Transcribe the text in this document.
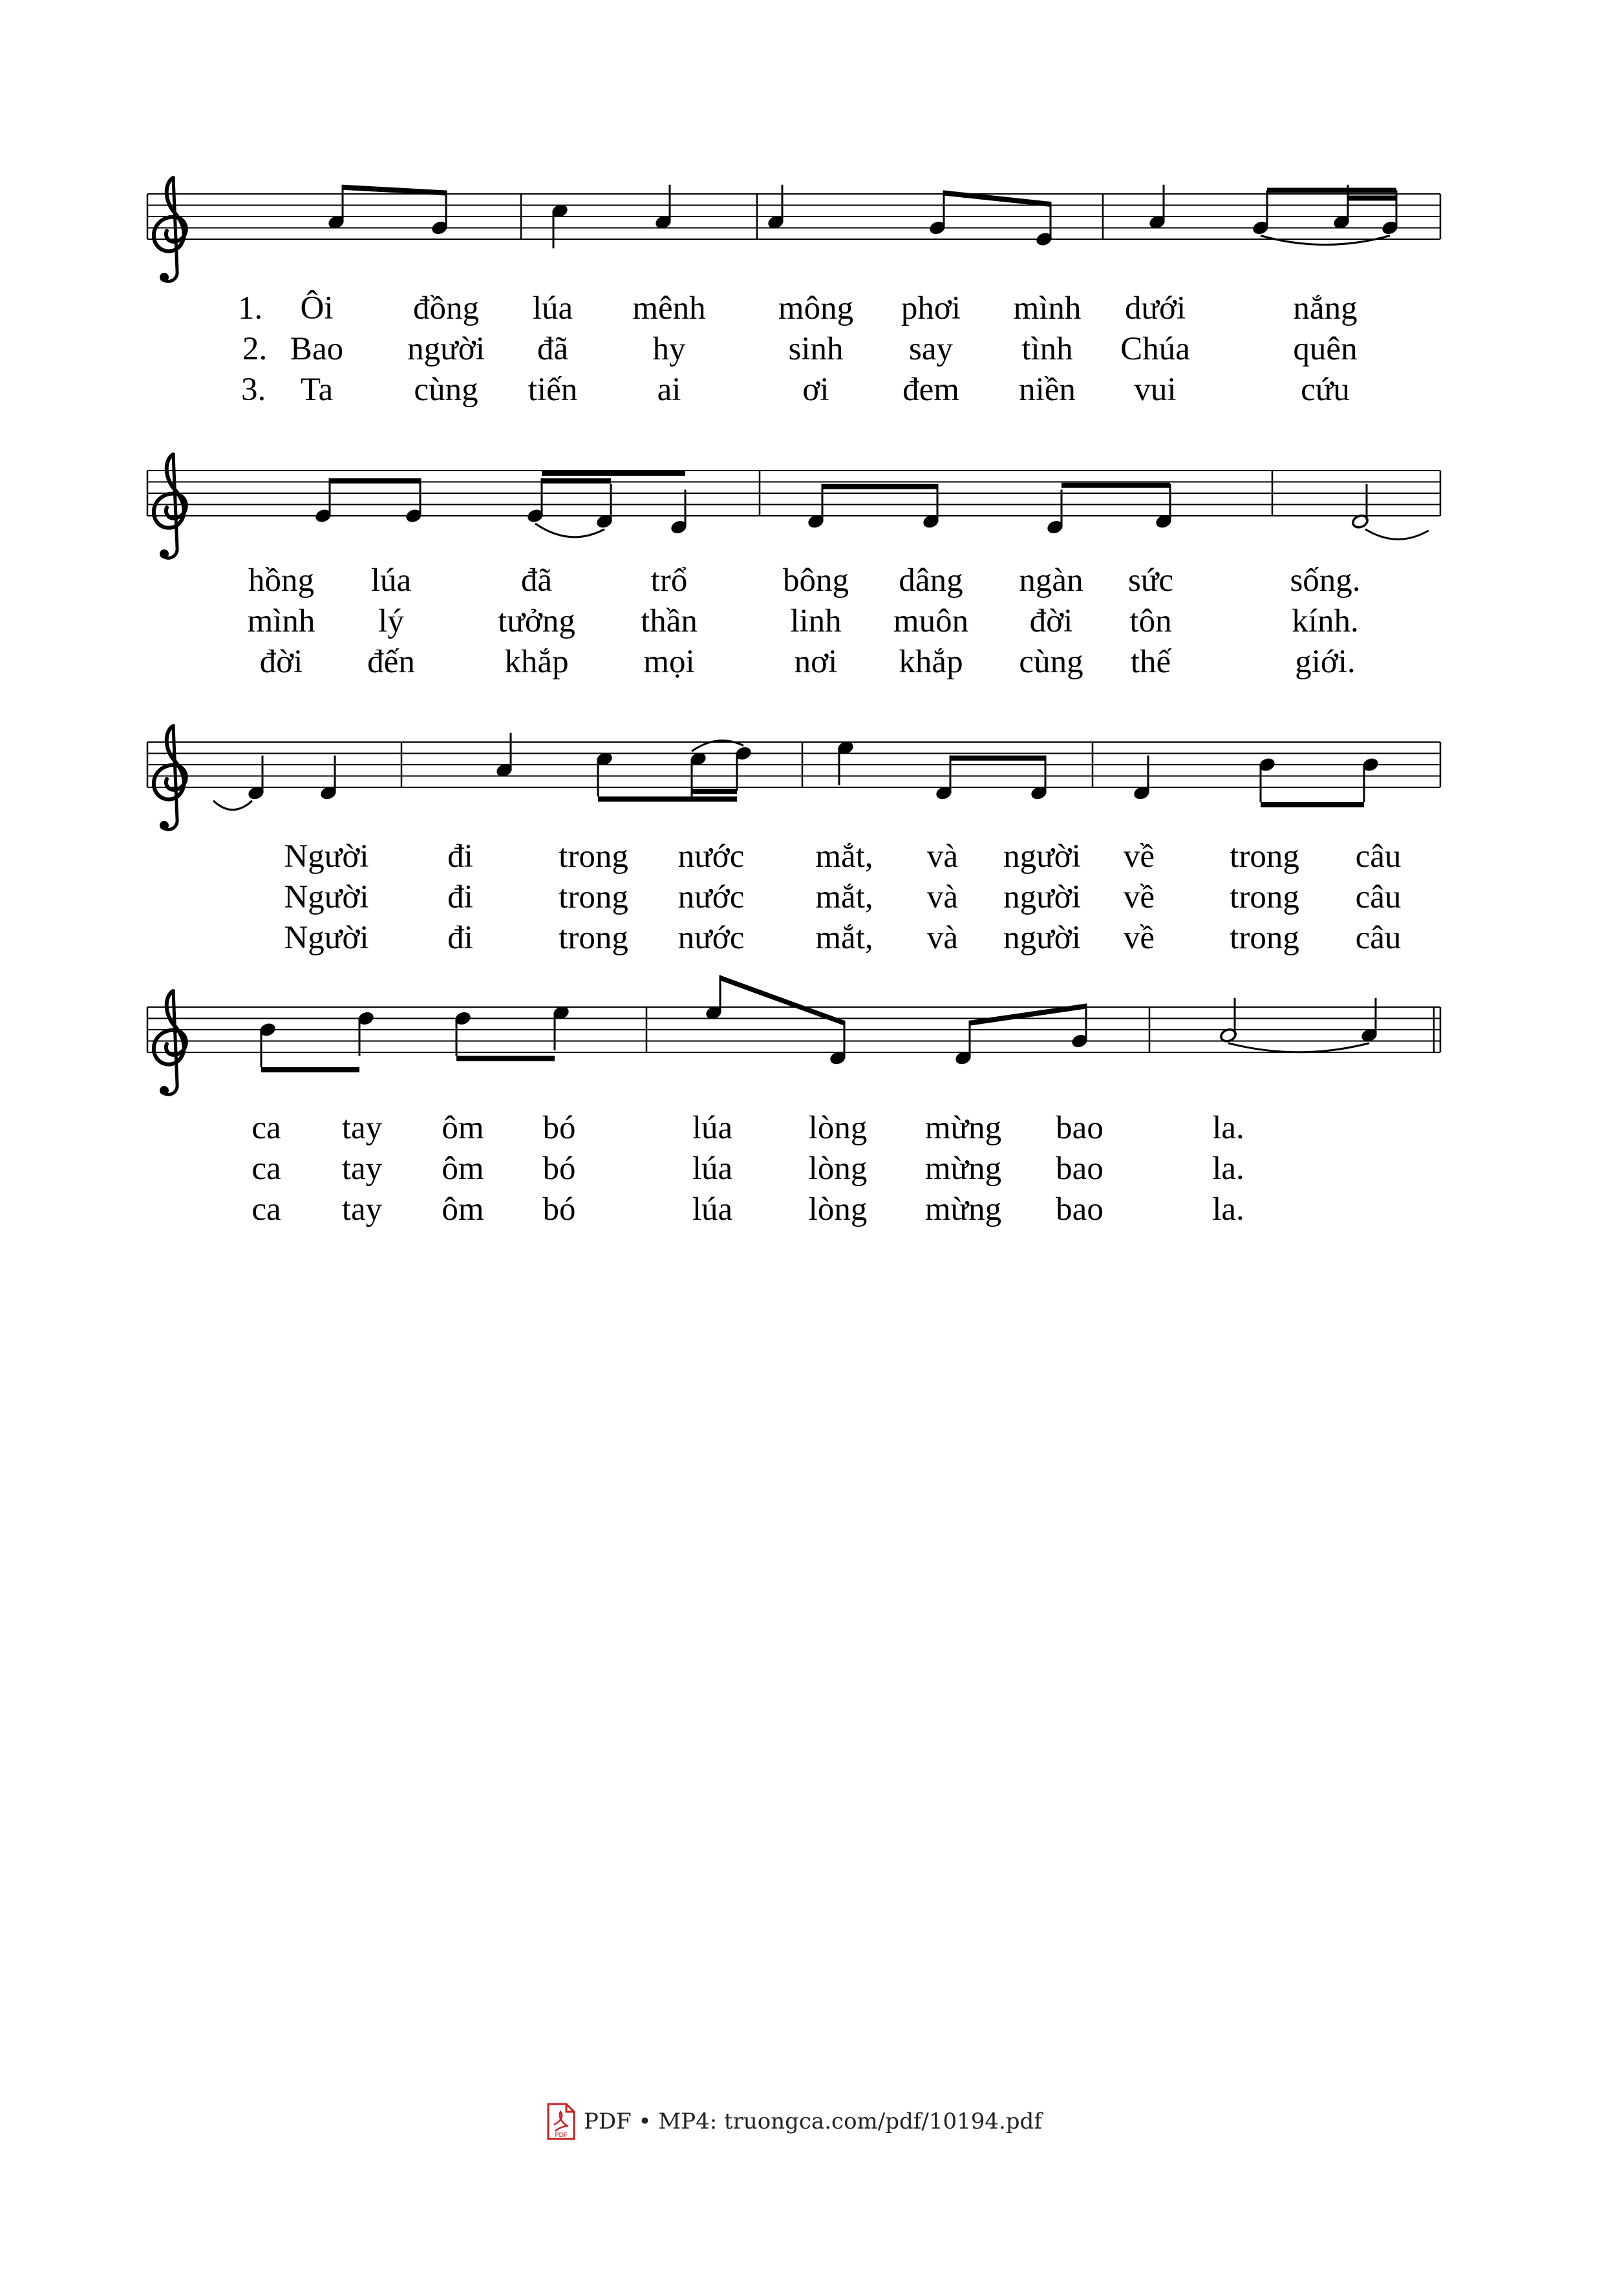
1. Ôi đồng lúa mênh mông phơi mình dưới	nắng
hồng lúa	đã	trổ	bông dâng ngàn sức	sống.
2. Bao người đã	hy	sinh say tình Chúa	quên
mình lý	tưởng thần	linh muôn đời tôn	kính.
3. Ta cùng tiến ai	ơi đem niền vui	cứu
đời đến	khắp mọi	nơi khắp cùng thế	giới.
Người đi	trong nước mắt, và người về trong câu
Người đi	trong nước mắt, và người về trong câu
Người đi	trong nước mắt, và người về trong câu
ca tay ôm bó	lúa lòng mừng bao	la.
ca tay ôm bó	lúa lòng mừng bao	la.
ca tay ôm bó	lúa lòng mừng bao	la.
PDF
PDF • MP4: truongca.com/pdf/10194.pdf
